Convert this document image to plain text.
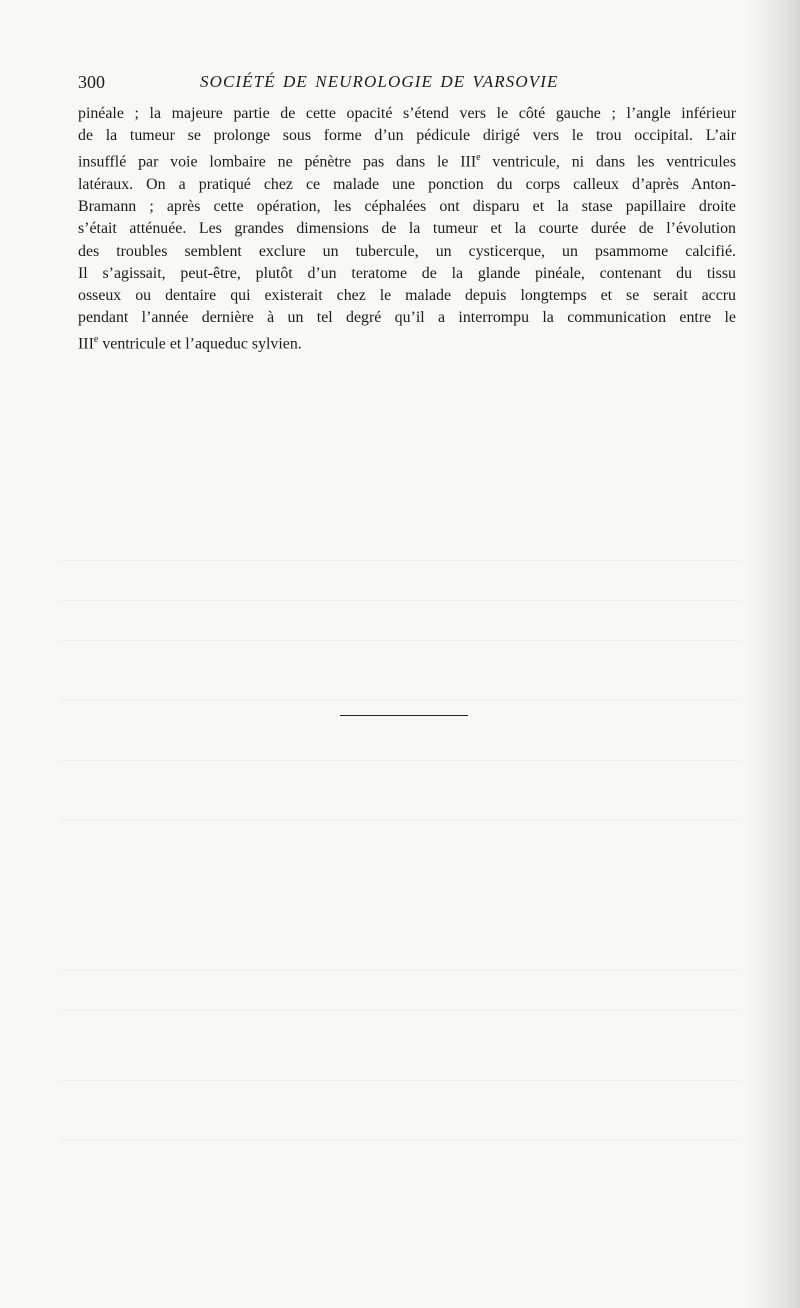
300	SOCIÉTÉ DE NEUROLOGIE DE VARSOVIE
pinéale ; la majeure partie de cette opacité s’étend vers le côté gauche ; l’angle inférieur
de la tumeur se prolonge sous forme d’un pédicule dirigé vers le trou occipital. L’air
insufflé par voie lombaire ne pénètre pas dans le IIIe ventricule, ni dans les ventricules
latéraux. On a pratiqué chez ce malade une ponction du corps calleux d’après Anton-
Bramann ; après cette opération, les céphalées ont disparu et la stase papillaire droite
s’était atténuée. Les grandes dimensions de la tumeur et la courte durée de l’évolution
des troubles semblent exclure un tubercule, un cysticerque, un psammome calcifié.
Il s’agissait, peut-être, plutôt d’un teratome de la glande pinéale, contenant du tissu
osseux ou dentaire qui existerait chez le malade depuis longtemps et se serait accru
pendant l’année dernière à un tel degré qu’il a interrompu la communication entre le
IIIe ventricule et l’aqueduc sylvien.
